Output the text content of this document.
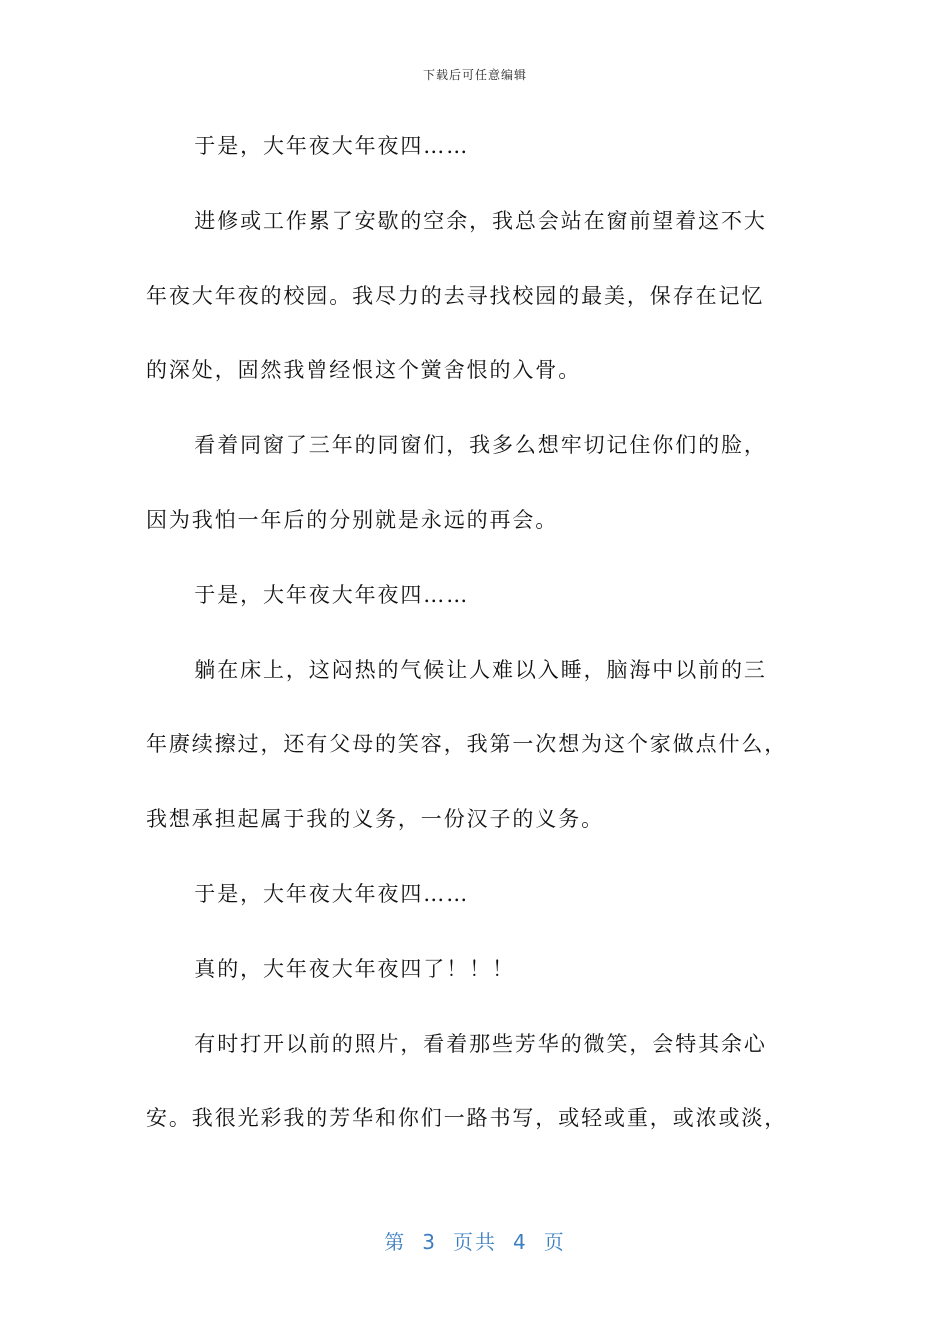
下载后可任意编辑

于是，大年夜大年夜四……

进修或工作累了安歇的空余，我总会站在窗前望着这不大

年夜大年夜的校园。我尽力的去寻找校园的最美，保存在记忆
的深处，固然我曾经恨这个黉舍恨的入骨。

看着同窗了三年的同窗们，我多么想牢切记住你们的脸，

因为我怕一年后的分别就是永远的再会。

于是，大年夜大年夜四……

躺在床上，这闷热的气候让人难以入睡，脑海中以前的三

年赓续擦过，还有父母的笑容，我第一次想为这个家做点什么，
我想承担起属于我的义务，一份汉子的义务。

于是，大年夜大年夜四……

真的，大年夜大年夜四了！！！

有时打开以前的照片，看着那些芳华的微笑，会特其余心

安。我很光彩我的芳华和你们一路书写，或轻或重，或浓或淡，
第 3 页共 4 页
